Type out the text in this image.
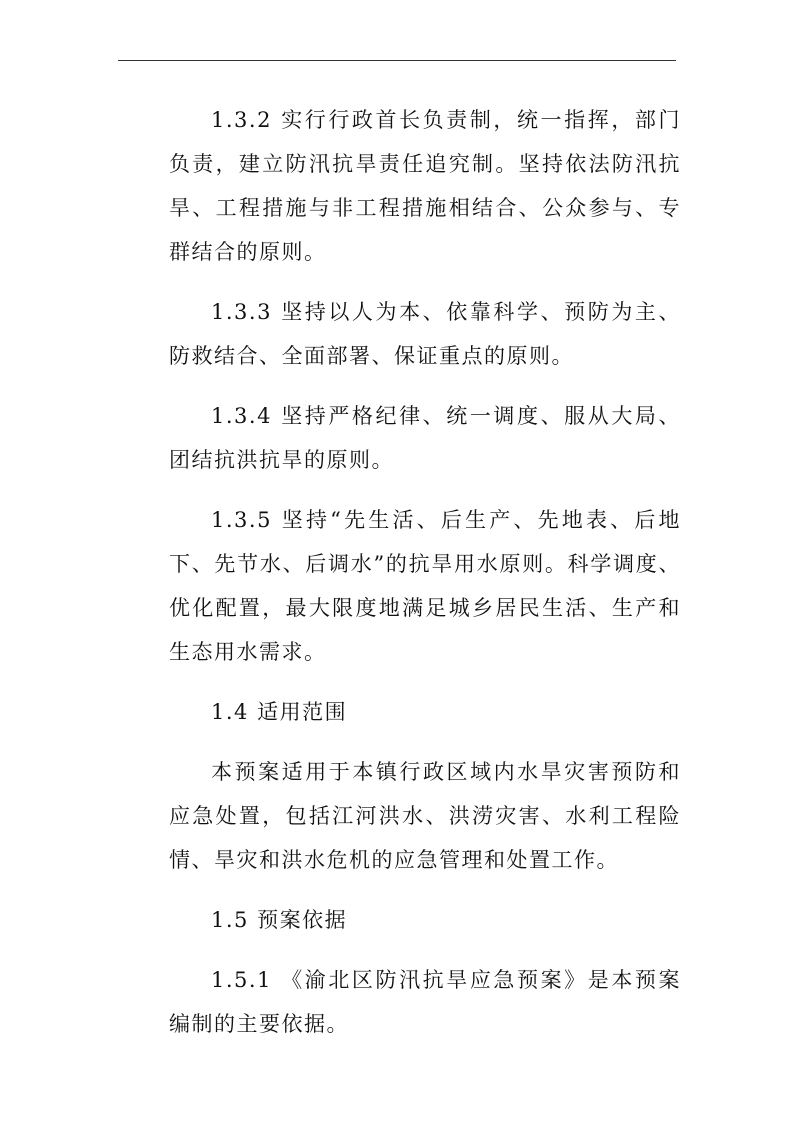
1.3.2 实行行政首长负责制，统一指挥，部门负责，建立防汛抗旱责任追究制。坚持依法防汛抗旱、工程措施与非工程措施相结合、公众参与、专群结合的原则。

1.3.3 坚持以人为本、依靠科学、预防为主、防救结合、全面部署、保证重点的原则。

1.3.4 坚持严格纪律、统一调度、服从大局、团结抗洪抗旱的原则。

1.3.5 坚持“先生活、后生产、先地表、后地下、先节水、后调水”的抗旱用水原则。科学调度、优化配置，最大限度地满足城乡居民生活、生产和生态用水需求。

1.4 适用范围

本预案适用于本镇行政区域内水旱灾害预防和应急处置，包括江河洪水、洪涝灾害、水利工程险情、旱灾和洪水危机的应急管理和处置工作。

1.5 预案依据

1.5.1 《渝北区防汛抗旱应急预案》是本预案编制的主要依据。
